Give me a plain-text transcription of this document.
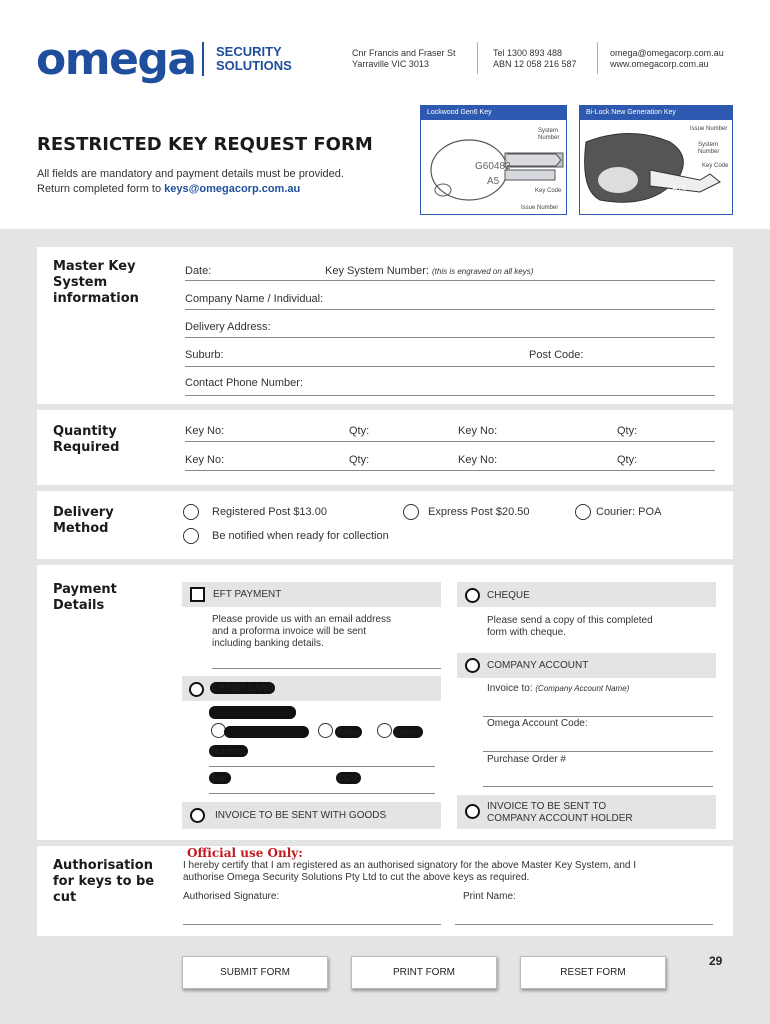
omega SECURITY
SOLUTIONS
Cnr Francis and Fraser St
Yarraville VIC 3013
Tel 1300 893 488
ABN 12 058 216 587
omega@omegacorp.com.au
www.omegacorp.com.au
RESTRICTED KEY REQUEST FORM
All fields are mandatory and payment details must be provided.
Return completed form to keys@omegacorp.com.au
Lockwood Gen6 Key
G60482
A5
System Number
Key Code
Issue Number
Bi-Lock New Generation Key
Issue Number
System Number
Key Code
A14
Master Key System information
Date:	Key System Number: (this is engraved on all keys)
Company Name / Individual:
Delivery Address:
Suburb:	Post Code:
Contact Phone Number:
Quantity Required
Key No:	Qty:	Key No:	Qty:
Key No:	Qty:	Key No:	Qty:
Delivery Method
Registered Post $13.00	Express Post $20.50	Courier: POA
Be notified when ready for collection
Payment Details
EFT PAYMENT
Please provide us with an email address
and a proforma invoice will be sent
including banking details.
CREDIT CARD
Amex	Diners
Number:
Exp:	CCV:
INVOICE TO BE SENT WITH GOODS
CHEQUE
Please send a copy of this completed
form with cheque.
COMPANY ACCOUNT
Invoice to: (Company Account Name)
Omega Account Code:
Purchase Order #
INVOICE TO BE SENT TO
COMPANY ACCOUNT HOLDER
Authorisation for keys to be cut
Official use Only:
I hereby certify that I am registered as an authorised signatory for the above Master Key System, and I
authorise Omega Security Solutions Pty Ltd to cut the above keys as required.
Authorised Signature:	Print Name:
SUBMIT FORM	PRINT FORM	RESET FORM
29
